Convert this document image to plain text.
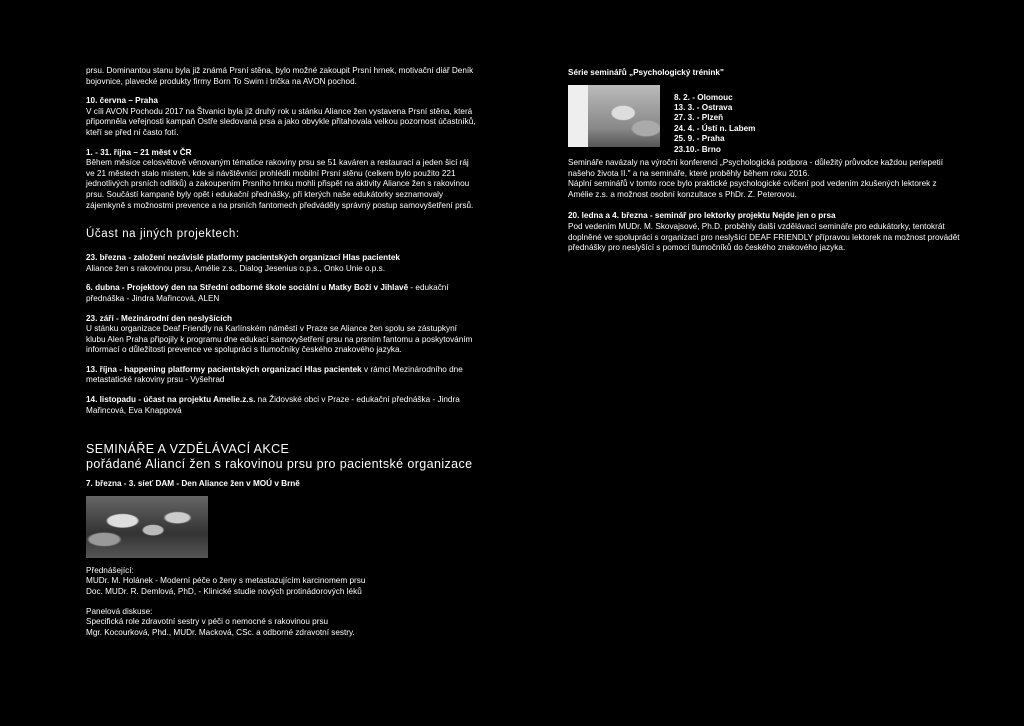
prsu. Dominantou stanu byla již známá Prsní stěna, bylo možné zakoupit Prsní hrnek, motivační diář Deník bojovnice, plavecké produkty firmy Born To Swim i trička na AVON pochod.

10. června – Praha

V cíli AVON Pochodu 2017 na Štvanici byla již druhý rok u stánku Aliance žen vystavena Prsní stěna, která připomněla veřejnosti kampaň Ostře sledovaná prsa a jako obvykle přitahovala velkou pozornost účastníků, kteří se před ní často fotí.

1. - 31. října – 21 měst v ČR

Během měsíce celosvětově věnovaným tématice rakoviny prsu se 51 kaváren a restaurací a jeden šicí ráj ve 21 městech stalo místem, kde si návštěvníci prohlédli mobilní Prsní stěnu (celkem bylo použito 221 jednotlivých prsních odlitků) a zakoupením Prsního hrnku mohli přispět na aktivity Aliance žen s rakovinou prsu. Součástí kampaně byly opět i edukační přednášky, při kterých naše edukátorky seznamovaly zájemkyně s možnostmi prevence a na prsních fantomech předváděly správný postup samovyšetření prsů.

Účast na jiných projektech:

23. března - založení nezávislé platformy pacientských organizací Hlas pacientek
Aliance žen s rakovinou prsu, Amélie z.s., Dialog Jesenius o.p.s., Onko Unie o.p.s.
6. dubna - Projektový den na Střední odborné škole sociální u Matky Boží v Jihlavě - edukační přednáška - Jindra Mařincová, ALEN
23. září - Mezinárodní den neslyšících
U stánku organizace Deaf Friendly na Karlínském náměstí v Praze se Aliance žen spolu se zástupkyní klubu Alen Praha připojily k programu dne edukací samovyšetření prsu na prsním fantomu a poskytováním informací o důležitosti prevence ve spolupráci s tlumočníky českého znakového jazyka.
13. října - happening platformy pacientských organizací Hlas pacientek v rámci Mezinárodního dne metastatické rakoviny prsu - Vyšehrad
14. listopadu - účast na projektu Amelie.z.s. na Židovské obci v Praze - edukační přednáška - Jindra Mařincová, Eva Knappová

SEMINÁŘE A VZDĚLÁVACÍ AKCE

pořádané Aliancí žen s rakovinou prsu pro pacientské organizace

7. března - 3. síeť DAM - Den Aliance žen v MOÚ v Brně

Přednášející:

MUDr. M. Holánek - Moderní péče o ženy s metastazujícím karcinomem prsu

Doc. MUDr. R. Demlová, PhD, - Klinické studie nových protinádorových léků

Panelová diskuse:

Specifická role zdravotní sestry v péči o nemocné s rakovinou prsu

Mgr. Kocourková, Phd., MUDr. Macková, CSc. a odborné zdravotní sestry.

Série seminářů „Psychologický trénink"

8. 2. - Olomouc
13. 3. - Ostrava
27. 3. - Plzeň
24. 4. - Ústí n. Labem
25. 9. - Praha
23.10.- Brno

Semináře navázaly na výroční konferenci „Psychologická podpora - důležitý průvodce každou periepetií našeho života II." a na semináře, které proběhly během roku 2016.

Náplní seminářů v tomto roce bylo praktické psychologické cvičení pod vedením zkušených lektorek z Amélie z.s. a možnost osobní konzultace s PhDr. Z. Peterovou.

20. ledna a 4. března - seminář pro lektorky projektu Nejde jen o prsa

Pod vedením MUDr. M. Skovajsové, Ph.D. proběhly další vzdělávací semináře pro edukátorky, tentokrát doplněné ve spolupráci s organizací pro neslyšící DEAF FRIENDLY přípravou lektorek na možnost provádět přednášky pro neslyšící s pomocí tlumočníků do českého znakového jazyka.
